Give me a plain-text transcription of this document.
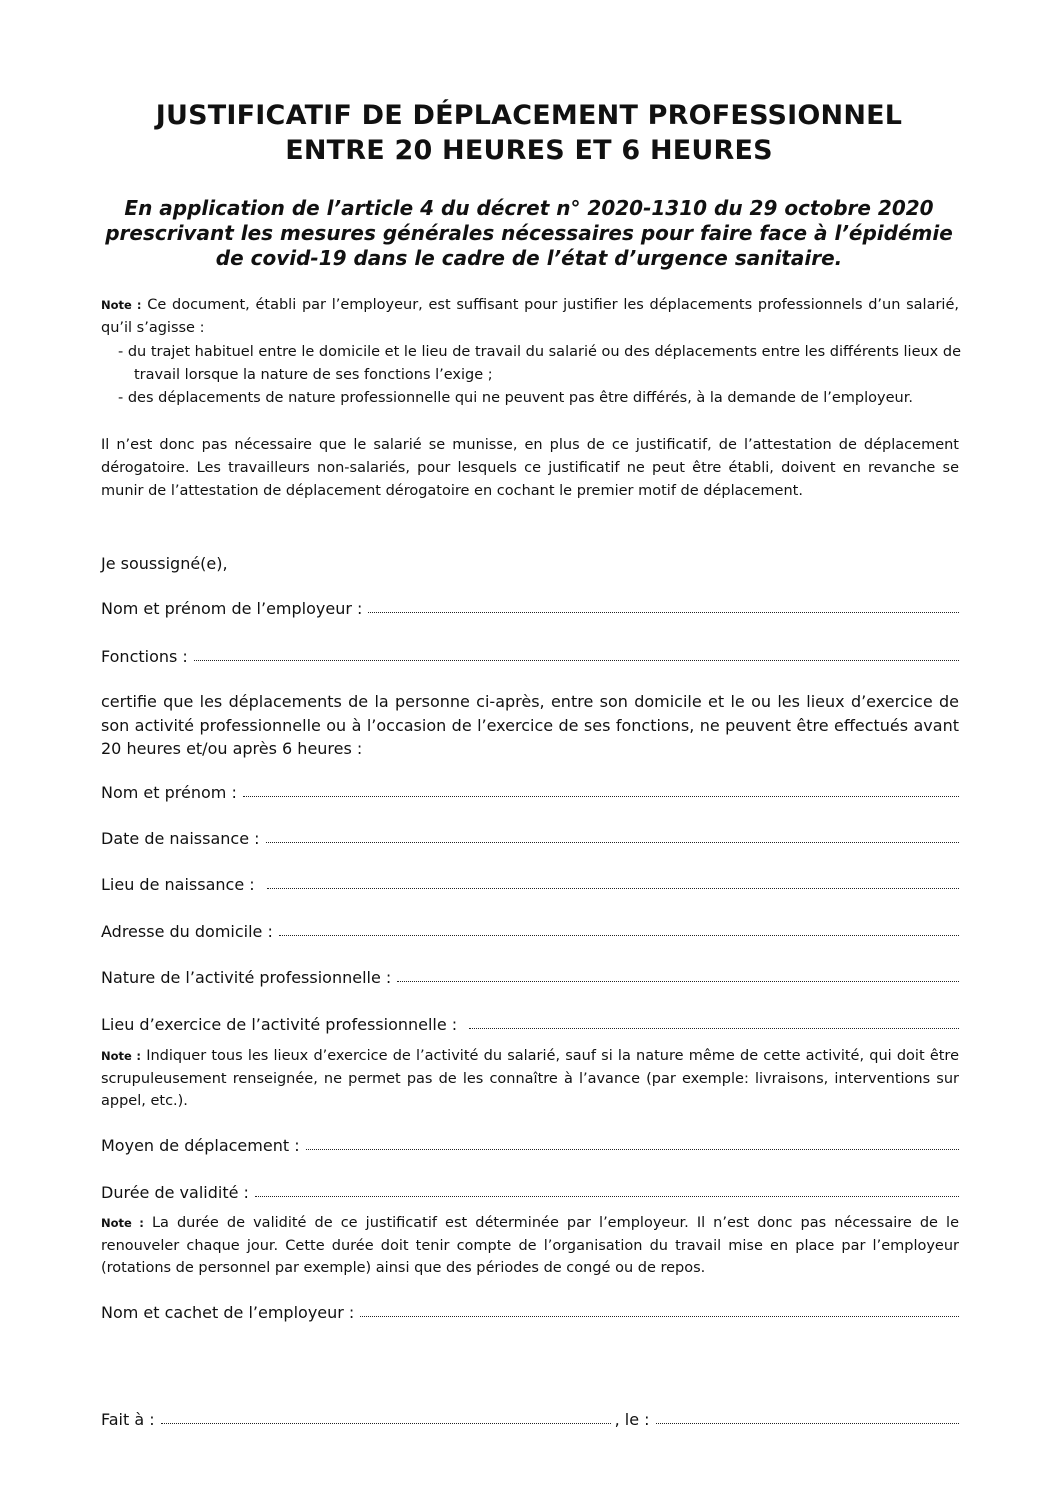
JUSTIFICATIF DE DÉPLACEMENT PROFESSIONNEL
ENTRE 20 HEURES ET 6 HEURES

En application de l’article 4 du décret n° 2020-1310 du 29 octobre 2020

prescrivant les mesures générales nécessaires pour faire face à l’épidémie

de covid-19 dans le cadre de l’état d’urgence sanitaire.

Note : Ce document, établi par l’employeur, est suffisant pour justifier les déplacements professionnels d’un salarié, qu’il s’agisse :

- du trajet habituel entre le domicile et le lieu de travail du salarié ou des déplacements entre les différents lieux de travail lorsque la nature de ses fonctions l’exige ;

- des déplacements de nature professionnelle qui ne peuvent pas être différés, à la demande de l’employeur.

Il n’est donc pas nécessaire que le salarié se munisse, en plus de ce justificatif, de l’attestation de déplacement dérogatoire. Les travailleurs non-salariés, pour lesquels ce justificatif ne peut être établi, doivent en revanche se munir de l’attestation de déplacement dérogatoire en cochant le premier motif de déplacement.

Je soussigné(e),

Nom et prénom de l’employeur :
Fonctions :

certifie que les déplacements de la personne ci-après, entre son domicile et le ou les lieux d’exercice de son activité professionnelle ou à l’occasion de l’exercice de ses fonctions, ne peuvent être effectués avant 20 heures et/ou après 6 heures :

Nom et prénom :
Date de naissance :
Lieu de naissance :
Adresse du domicile :
Nature de l’activité professionnelle :
Lieu d’exercice de l’activité professionnelle :

Note : Indiquer tous les lieux d’exercice de l’activité du salarié, sauf si la nature même de cette activité, qui doit être scrupuleusement renseignée, ne permet pas de les connaître à l’avance (par exemple: livraisons, interventions sur appel, etc.).

Moyen de déplacement :
Durée de validité :

Note : La durée de validité de ce justificatif est déterminée par l’employeur. Il n’est donc pas nécessaire de le renouveler chaque jour. Cette durée doit tenir compte de l’organisation du travail mise en place par l’employeur (rotations de personnel par exemple) ainsi que des périodes de congé ou de repos.

Nom et cachet de l’employeur :
Fait à :	, le :
